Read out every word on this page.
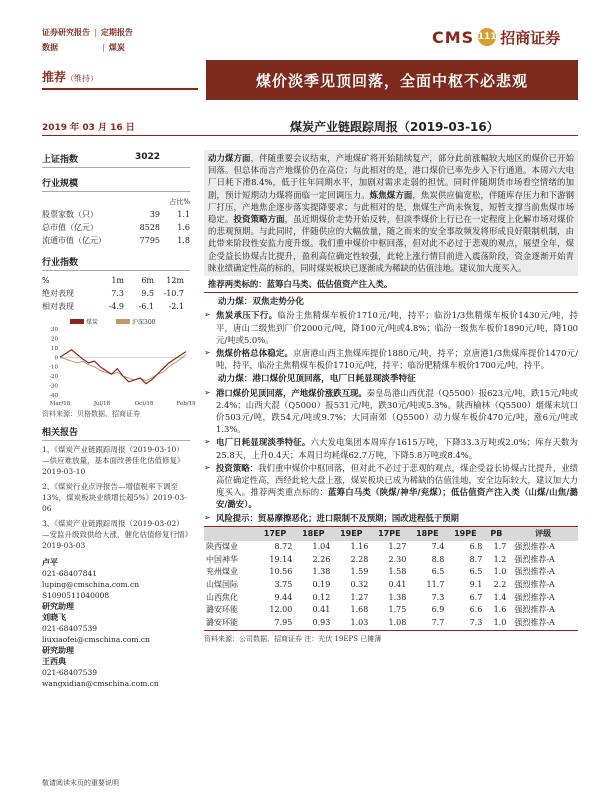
证券研究报告 | 定期报告
数据	| 煤炭
CMS 111 招商证券
推荐（维持）	煤价淡季见顶回落，全面中枢不必悲观
2019 年 03 月 16 日	煤炭产业链跟踪周报（2019-03-16）
上证指数	3022
行业规模
占比%
股票家数（只）	39	1.1
总市值（亿元）	8528	1.6
流通市值（亿元）	7795	1.8
行业指数
%	1m	6m	12m
绝对表现	7.3	9.5	-10.7
相对表现	-4.9	-6.1	-2.1
煤炭	沪深300
30
20
10
0
-10
-20
-30
-40
Mar/18	Jul/18	Oct/18	Feb/19
资料来源：贝格数据、招商证券
相关报告
1、《煤炭产业链跟踪周报（2019-03-10）—供应难放量，基本面改善佳化估值修复》2019-03-10
2、《煤炭行业点评报告—增值税率下调至13%，煤炭板块业绩增长超5%》2019-03-06
3、《煤炭产业链跟踪周报（2019-03-02）—安监升级致供给大涨，催化估值修复行情》2019-03-03
卢平
021-68407841
luping@cmschina.com.cn
S1090511040008
研究助理
刘晓飞
021-68407539
liuxiaofei@cmschina.com.cn
研究助理
王西典
021-68407539
wangxidian@cmschina.com.cn
动力煤方面，伴随重要会议结束，产地煤矿将开始陆续复产，部分此前涨幅较大地区的煤价已开始回落。但总体而言产地煤价仍在高位；与此相对的是，港口煤价已率先步入下行通道。本周六大电厂日耗下滑8.4%，低于往年同期水平，加剧对需求走弱的担忧。同时伴随期货市场看空情绪的加剧，预计短期动力煤将面临一定回调压力。炼焦煤方面，焦炭供应偏宽松，伴随库存压力和下游钢厂打压，产地焦企逐步落实提降要求；与此相对的是，焦煤生产尚未恢复，短暂支撑当前焦煤市场稳定。投资策略方面，虽近期煤价走势开始反转，但淡季煤价上行已在一定程度上化解市场对煤价的悲观预期。与此同时，伴随供应的大幅放量，随之而来的安全事故频发将形成良好限制机制，由此带来阶段性安监力度升级。我们重申煤价中枢回落，但对此不必过于悲观的观点，展望全年，煤企受益长协煤占比提升，盈利高位确定性较强，此轮上涨行情目前进入震荡阶段，资金逐渐开始青睐业绩确定性高的标的，同时煤炭板块已逐渐成为稀缺的估值洼地。建议加大度买入。
推荐两类标的：蓝筹白马类、低估值资产注入类。
动力煤：双焦走势分化
➢ 焦炭承压下行。临汾主焦精煤车板价1710元/吨，持平；临汾1/3焦精煤车板价1430元/吨，持平，唐山二级焦到厂价2000元/吨，降100元/吨或4.8%；临汾一级焦车板价1890元/吨，降100元/吨或5.0%。
➢ 焦煤价格总体稳定。京唐港山西主焦煤库提价1880元/吨，持平；京唐港1/3焦煤库提价1470元/吨，持平，临汾主焦精煤车板价1710元/吨，持平；临汾肥精煤车板价1700元/吨，持平。
动力煤：港口煤价见顶回落，电厂日耗显现淡季特征
➢ 港口煤价见顶回落，产地煤价涨跌互现。秦皇岛港山西优混（Q5500）报623元/吨，跌15元/吨或2.4%；山西大混（Q5000）报531元/吨，跌30元/吨或5.3%。陕西榆林（Q5500）烟煤末坑口价503元/吨，跌54元/吨或9.7%；大同南郊（Q5500）动力煤车板价470元/吨，涨6元/吨或1.3%。
➢ 电厂日耗显现淡季特征。六大发电集团本周库存1615万吨，下降33.3万吨或2.0%；库存天数为25.8天，上升0.4天；本周日均耗煤62.7万吨，下降5.8万吨或8.4%。
➢ 投资策略：我们重申煤价中枢回落，但对此不必过于悲观的观点，煤企受益长协煤占比提升，业绩高位确定性高，西经此轮大盘上涨，煤炭板块已成为稀缺的估值洼地，安全边际较大，建议加大力度买入。推荐两类重点标的：蓝筹白马类（陕煤/神华/兖煤）；低估值资产注入类（山煤/山焦/潞安/潞安）。
➢ 风险提示：贸易摩擦恶化；进口限制不及预期；国改进程低于预期
	17EP	18EP	19EP	17PE	18PE	19PE	PB	评级
陕西煤业	8.72	1.04	1.16	1.27	7.4	6.8	1.7	强烈推荐-A
中国神华	19.14	2.26	2.28	2.30	8.8	8.7	1.2	强烈推荐-A
兖州煤业	10.56	1.38	1.59	1.58	6.5	6.5	1.0	强烈推荐-A
山煤国际	3.75	0.19	0.32	0.41	11.7	9.1	2.2	强烈推荐-A
山西焦化	9.44	0.12	1.27	1.38	7.3	6.7	1.4	强烈推荐-A
潞安环能	12.00	0.41	1.68	1.75	6.9	6.6	1.6	强烈推荐-A
潞安环能	7.95	0.93	1.03	1.08	7.7	7.3	1.0	强烈推荐-A
资料来源：公司数据、招商证券 注：光伏 19EPS 已摊薄
敬请阅读末页的重要说明
